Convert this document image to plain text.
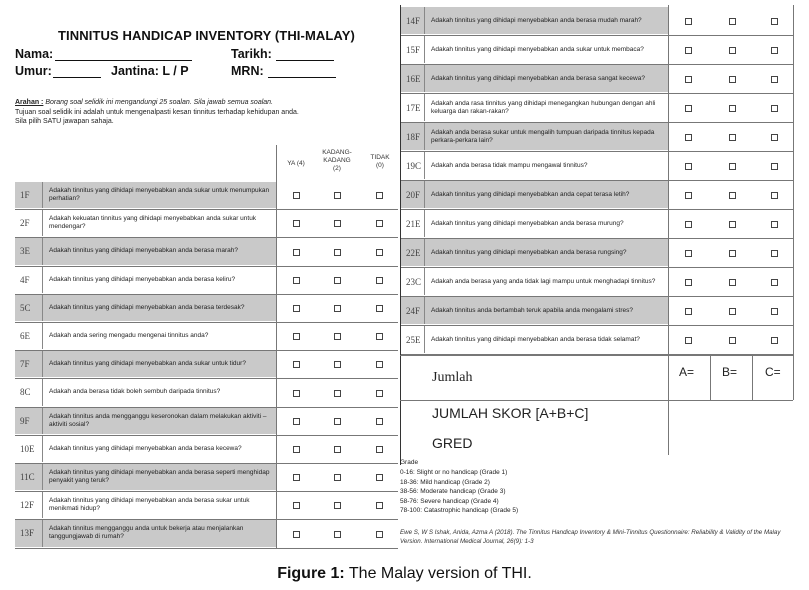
TINNITUS HANDICAP INVENTORY (THI-MALAY)
Nama:	Tarikh:
Umur:	Jantina: L / P	MRN:
Arahan : Borang soal selidik ini mengandungi 25 soalan. Sila jawab semua soalan.
Tujuan soal selidik ini adalah untuk mengenalpasti kesan tinnitus terhadap kehidupan anda.
Sila pilih SATU jawapan sahaja.
YA (4)
KADANG-
KADANG
(2)
TIDAK
(0)
1F	Adakah tinnitus yang dihidapi menyebabkan anda sukar untuk menumpukan perhatian?
2F	Adakah kekuatan tinnitus yang dihidapi menyebabkan anda sukar untuk mendengar?
3E	Adakah tinnitus yang dihidapi menyebabkan anda berasa marah?
4F	Adakah tinnitus yang dihidapi menyebabkan anda berasa keliru?
5C	Adakah tinnitus yang dihidapi menyebabkan anda berasa terdesak?
6E	Adakah anda sering mengadu mengenai tinnitus anda?
7F	Adakah tinnitus yang dihidapi menyebabkan anda sukar untuk tidur?
8C	Adakah anda berasa tidak boleh sembuh daripada tinnitus?
9F	Adakah tinnitus anda mengganggu keseronokan dalam melakukan aktiviti – aktiviti sosial?
10E	Adakah tinnitus yang dihidapi menyebabkan anda berasa kecewa?
11C	Adakah tinnitus yang dihidapi menyebabkan anda berasa seperti menghidap penyakit yang teruk?
12F	Adakah tinnitus yang dihidapi menyebabkan anda berasa sukar untuk menikmati hidup?
13F	Adakah tinnitus mengganggu anda untuk bekerja atau menjalankan tanggungjawab di rumah?
14F	Adakah tinnitus yang dihidapi menyebabkan anda berasa mudah marah?
15F	Adakah tinnitus yang dihidapi menyebabkan anda sukar untuk membaca?
16E	Adakah tinnitus yang dihidapi menyebabkan anda berasa sangat kecewa?
17E	Adakah anda rasa tinnitus yang dihidapi menegangkan hubungan dengan ahli keluarga dan rakan-rakan?
18F	Adakah anda berasa sukar untuk mengalih tumpuan daripada tinnitus kepada perkara-perkara lain?
19C	Adakah anda berasa tidak mampu mengawal tinnitus?
20F	Adakah tinnitus yang dihidapi menyebabkan anda cepat terasa letih?
21E	Adakah tinnitus yang dihidapi menyebabkan anda berasa murung?
22E	Adakah tinnitus yang dihidapi menyebabkan anda berasa rungsing?
23C	Adakah anda berasa yang anda tidak lagi mampu untuk menghadapi tinnitus?
24F	Adakah tinnitus anda bertambah teruk apabila anda mengalami stres?
25E	Adakah tinnitus yang dihidapi menyebabkan anda berasa tidak selamat?
Jumlah	A= B= C=
JUMLAH SKOR [A+B+C]
GRED
Grade
0-16: Slight or no handicap (Grade 1)
18-36: Mild handicap (Grade 2)
38-56: Moderate handicap (Grade 3)
58-76: Severe handicap (Grade 4)
78-100: Catastrophic handicap (Grade 5)
Ewe S, W S Ishak, Anida, Azma A (2018). The Tinnitus Handicap Inventory & Mini-Tinnitus Questionnaire: Reliability & Validity of the Malay Version. International Medical Journal, 26(9): 1-3
Figure 1: The Malay version of THI.
